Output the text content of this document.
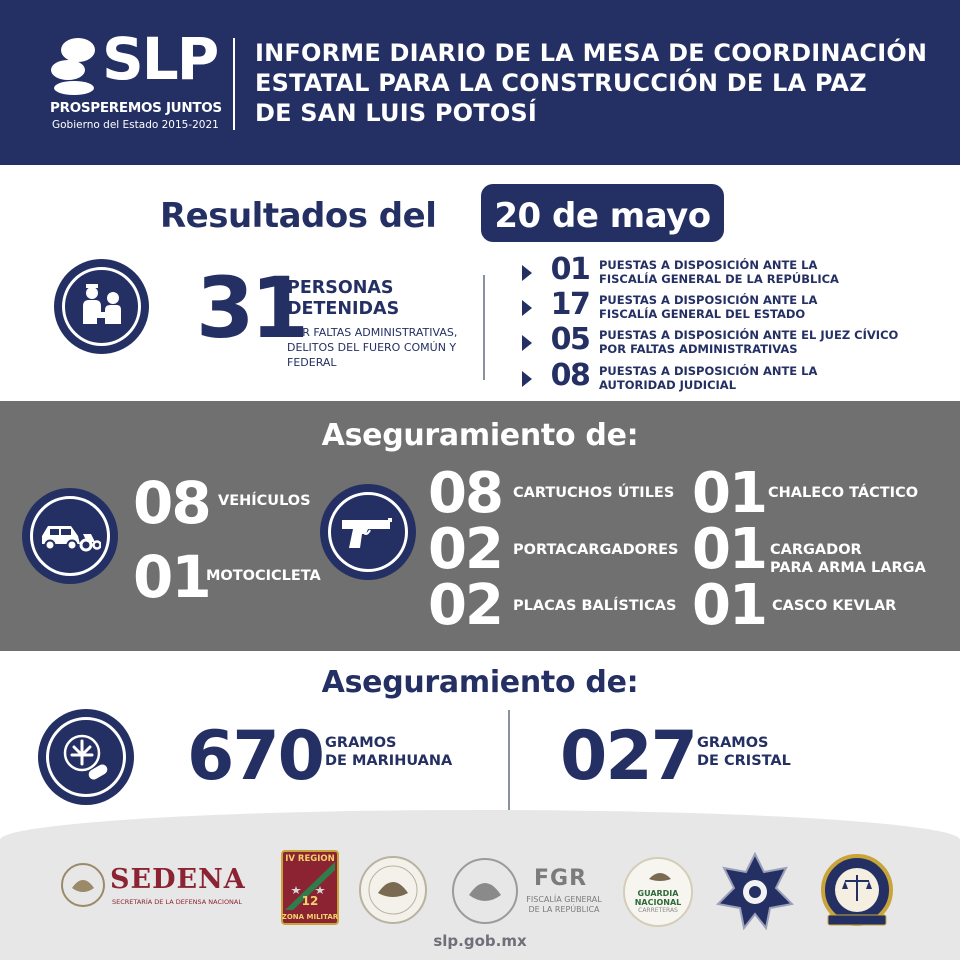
SLP
PROSPEREMOS JUNTOS
Gobierno del Estado 2015-2021
INFORME DIARIO DE LA MESA DE COORDINACIÓN
ESTATAL PARA LA CONSTRUCCIÓN DE LA PAZ
DE SAN LUIS POTOSÍ
Resultados del 20 de mayo
31
PERSONAS
DETENIDAS
POR FALTAS ADMINISTRATIVAS,
DELITOS DEL FUERO COMÚN Y
FEDERAL
01 PUESTAS A DISPOSICIÓN ANTE LA
FISCALÍA GENERAL DE LA REPÚBLICA
17 PUESTAS A DISPOSICIÓN ANTE LA
FISCALÍA GENERAL DEL ESTADO
05 PUESTAS A DISPOSICIÓN ANTE EL JUEZ CÍVICO
POR FALTAS ADMINISTRATIVAS
08 PUESTAS A DISPOSICIÓN ANTE LA
AUTORIDAD JUDICIAL
Aseguramiento de:
08 VEHÍCULOS
01
MOTOCICLETA
08 CARTUCHOS ÚTILES
02 PORTACARGADORES
02 PLACAS BALÍSTICAS
01 CHALECO TÁCTICO
01 CARGADOR
PARA ARMA LARGA
01 CASCO KEVLAR
Aseguramiento de:
670 GRAMOS
DE MARIHUANA 027 GRAMOS
DE CRISTAL
SEDENA
SECRETARÍA DE LA DEFENSA NACIONAL
IV REGION
12
ZONA MILITAR
FGR
FISCALÍA GENERAL
DE LA REPÚBLICA
GUARDIA
NACIONAL
CARRETERAS
slp.gob.mx
